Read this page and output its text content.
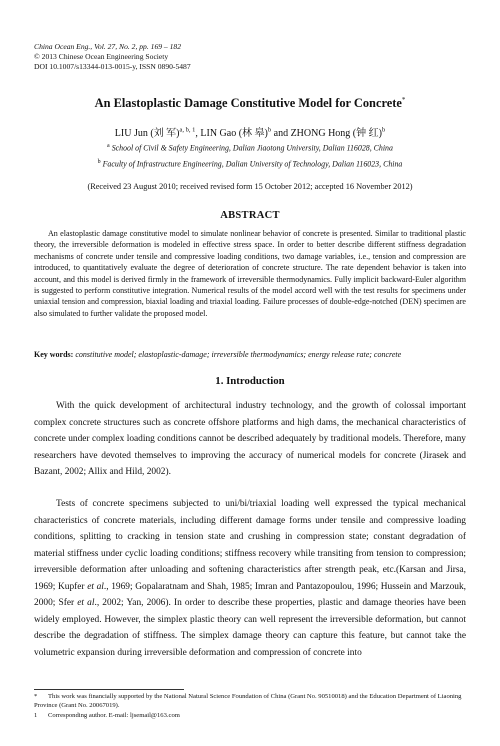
China Ocean Eng., Vol. 27, No. 2, pp. 169 – 182
© 2013 Chinese Ocean Engineering Society
DOI 10.1007/s13344-013-0015-y, ISSN 0890-5487
An Elastoplastic Damage Constitutive Model for Concrete*
LIU Jun (刘 军)$^{a, b, 1}$, LIN Gao (林 皋)$^b$ and ZHONG Hong (钟 红)$^b$
$^a$ School of Civil & Safety Engineering, Dalian Jiaotong University, Dalian 116028, China
$^b$ Faculty of Infrastructure Engineering, Dalian University of Technology, Dalian 116023, China
(Received 23 August 2010; received revised form 15 October 2012; accepted 16 November 2012)
ABSTRACT

An elastoplastic damage constitutive model to simulate nonlinear behavior of concrete is presented. Similar to traditional plastic theory, the irreversible deformation is modeled in effective stress space. In order to better describe different stiffness degradation mechanisms of concrete under tensile and compressive loading conditions, two damage variables, i.e., tension and compression are introduced, to quantitatively evaluate the degree of deterioration of concrete structure. The rate dependent behavior is taken into account, and this model is derived firmly in the framework of irreversible thermodynamics. Fully implicit backward-Euler algorithm is suggested to perform constitutive integration. Numerical results of the model accord well with the test results for specimens under uniaxial tension and compression, biaxial loading and triaxial loading. Failure processes of double-edge-notched (DEN) specimen are also simulated to further validate the proposed model.

Key words: constitutive model; elastoplastic-damage; irreversible thermodynamics; energy release rate; concrete
1. Introduction

With the quick development of architectural industry technology, and the growth of colossal important complex concrete structures such as concrete offshore platforms and high dams, the mechanical characteristics of concrete under complex loading conditions cannot be described adequately by traditional models. Therefore, many researchers have devoted themselves to improving the accuracy of numerical models for concrete (Jirasek and Bazant, 2002; Allix and Hild, 2002).

Tests of concrete specimens subjected to uni/bi/triaxial loading well expressed the typical mechanical characteristics of concrete materials, including different damage forms under tensile and compressive loading conditions, splitting to cracking in tension state and crushing in compression state; constant degradation of material stiffness under cyclic loading conditions; stiffness recovery while transiting from tension to compression; irreversible deformation after unloading and softening characteristics after strength peak, etc.(Karsan and Jirsa, 1969; Kupfer et al., 1969; Gopalaratnam and Shah, 1985; Imran and Pantazopoulou, 1996; Hussein and Marzouk, 2000; Sfer et al., 2002; Yan, 2006). In order to describe these properties, plastic and damage theories have been widely employed. However, the simplex plastic theory can well represent the irreversible deformation, but cannot describe the degradation of stiffness. The simplex damage theory can capture this feature, but cannot take the volumetric expansion during irreversible deformation and compression of concrete into

* This work was financially supported by the National Natural Science Foundation of China (Grant No. 90510018) and the Education Department of Liaoning Province (Grant No. 20067019).
1 Corresponding author. E-mail: ljsemail@163.com
